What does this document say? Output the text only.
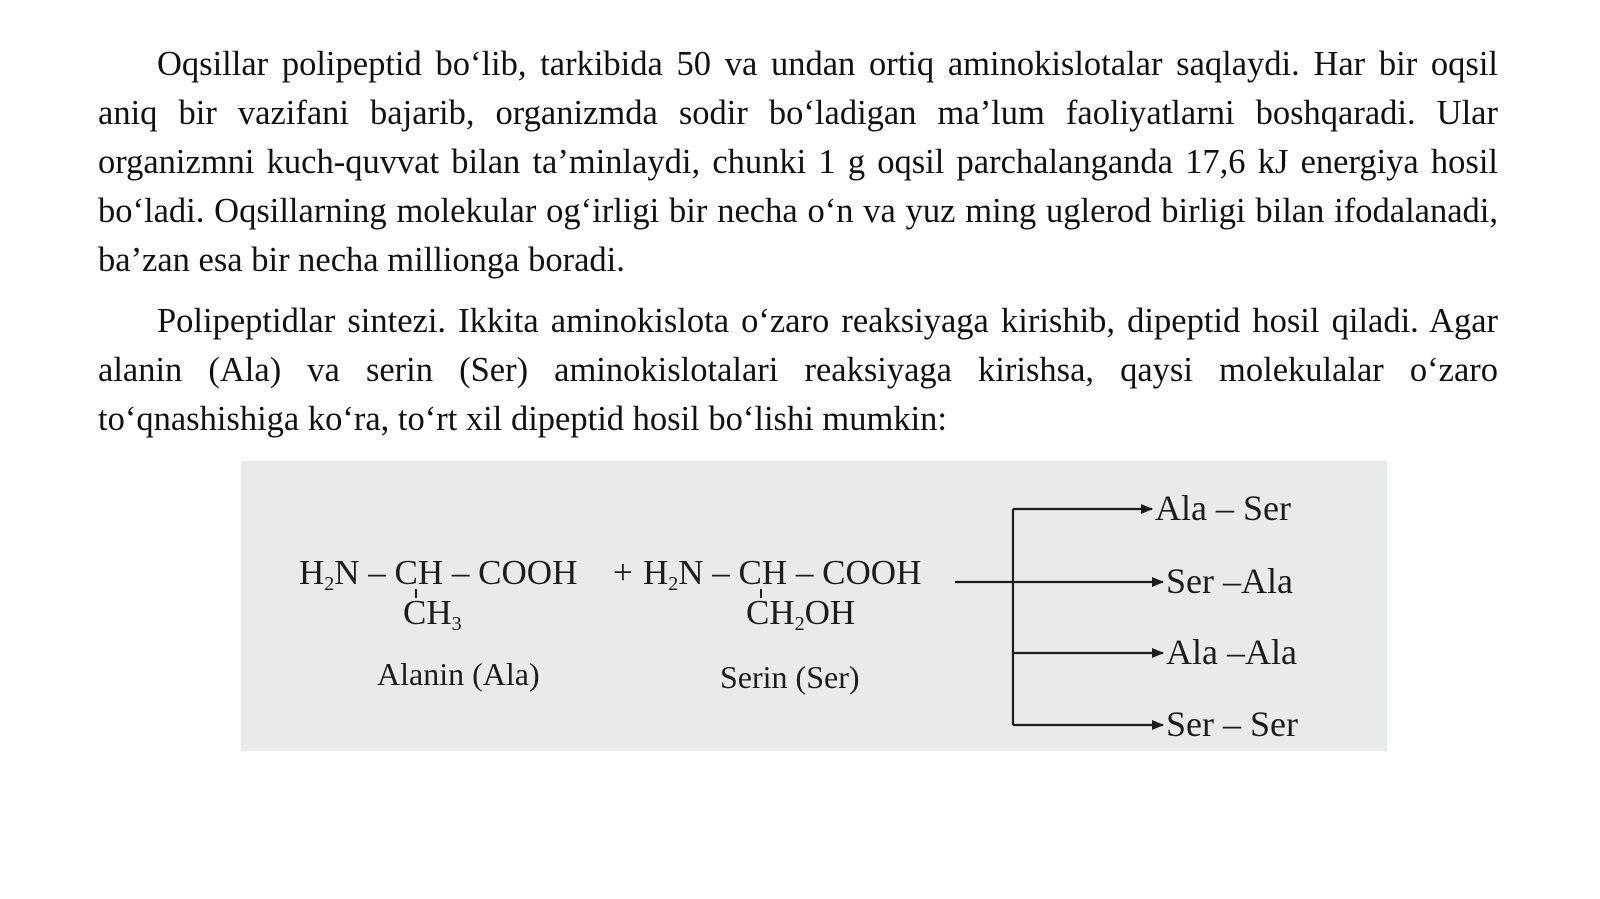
Oqsillar polipeptid bo‘lib, tarkibida 50 va undan ortiq aminokislotalar saqlaydi. Har bir oqsil aniq bir vazifani bajarib, organizmda sodir bo‘ladigan ma’lum faoliyatlarni boshqaradi. Ular organizmni kuch-quvvat bilan ta’minlaydi, chunki 1 g oqsil parchalanganda 17,6 kJ energiya hosil bo‘ladi. Oqsillarning molekular og‘irligi bir necha o‘n va yuz ming uglerod birligi bilan ifodalanadi, ba’zan esa bir necha millionga boradi.

Polipeptidlar sintezi. Ikkita aminokislota o‘zaro reaksiyaga kirishib, dipeptid hosil qiladi. Agar alanin (Ala) va serin (Ser) aminokislotalari reaksiyaga kirishsa, qaysi molekulalar o‘zaro to‘qnashishiga ko‘ra, to‘rt xil dipeptid hosil bo‘lishi mumkin:

H2N – CH – COOH
CH3
Alanin (Ala)
+ H2N – CH – COOH
CH2OH
Serin (Ser)
Ala – Ser
Ser –Ala
Ala –Ala
Ser – Ser
